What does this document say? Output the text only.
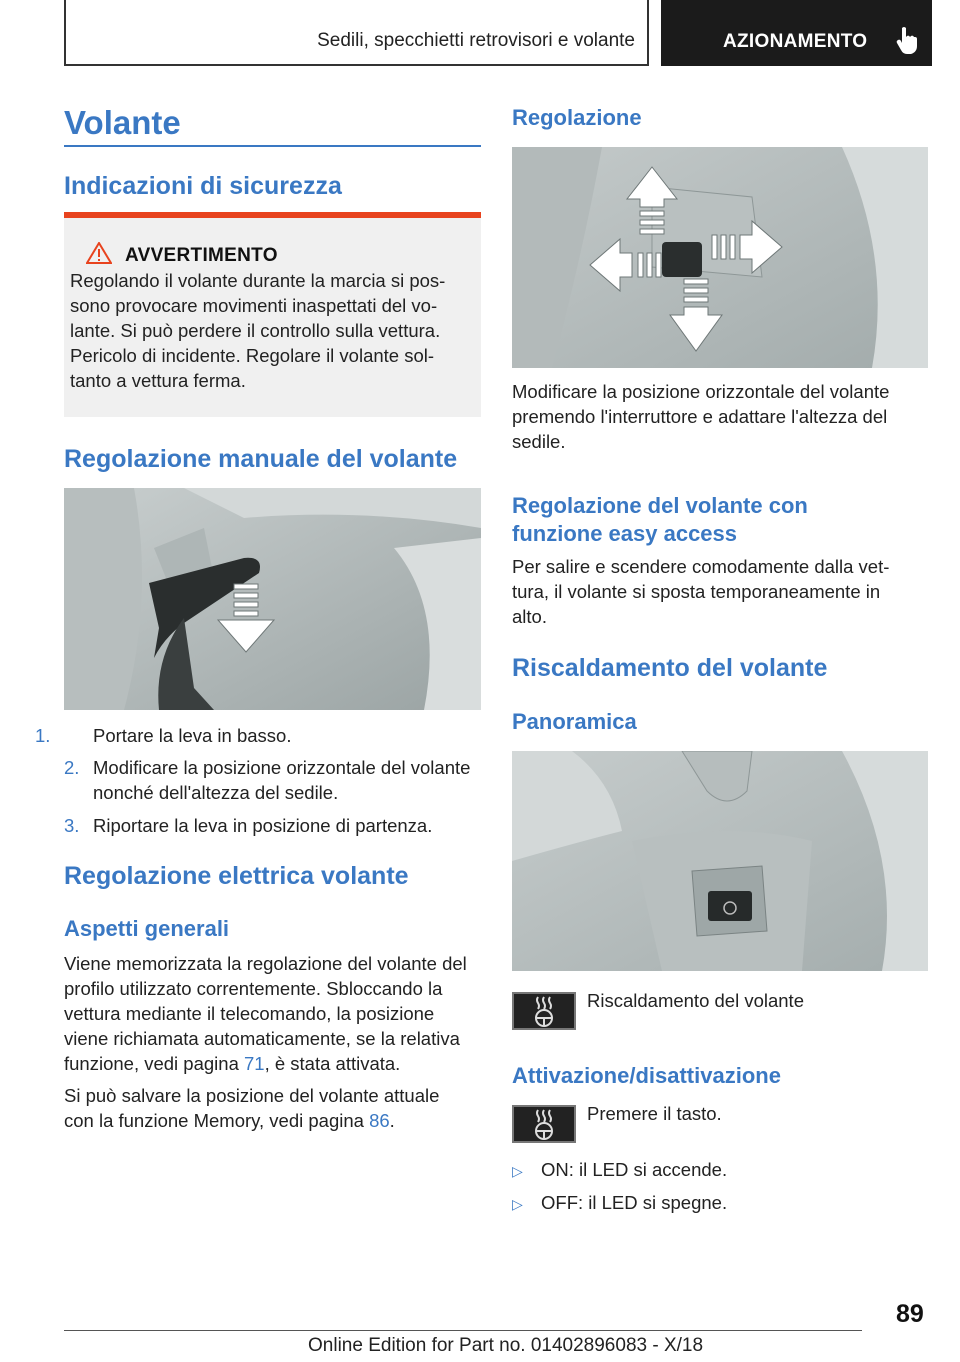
Sedili, specchietti retrovisori e volante	AZIONAMENTO
Volante
Indicazioni di sicurezza
AVVERTIMENTO
Regolando il volante durante la marcia si pos-
sono provocare movimenti inaspettati del vo-
lante. Si può perdere il controllo sulla vettura.
Pericolo di incidente. Regolare il volante sol-
tanto a vettura ferma.
Regolazione manuale del volante
1. Portare la leva in basso.
2. Modificare la posizione orizzontale del volante
nonché dell'altezza del sedile.
3. Riportare la leva in posizione di partenza.
Regolazione elettrica volante
Aspetti generali
Viene memorizzata la regolazione del volante del
profilo utilizzato correntemente. Sbloccando la
vettura mediante il telecomando, la posizione
viene richiamata automaticamente, se la relativa
funzione, vedi pagina 71, è stata attivata.
Si può salvare la posizione del volante attuale
con la funzione Memory, vedi pagina 86.
Regolazione
Modificare la posizione orizzontale del volante
premendo l'interruttore e adattare l'altezza del
sedile.
Regolazione del volante con
funzione easy access
Per salire e scendere comodamente dalla vet-
tura, il volante si sposta temporaneamente in
alto.
Riscaldamento del volante
Panoramica
Riscaldamento del volante
Attivazione/disattivazione
Premere il tasto.
▷ ON: il LED si accende.
▷ OFF: il LED si spegne.
89
Online Edition for Part no. 01402896083 - X/18
